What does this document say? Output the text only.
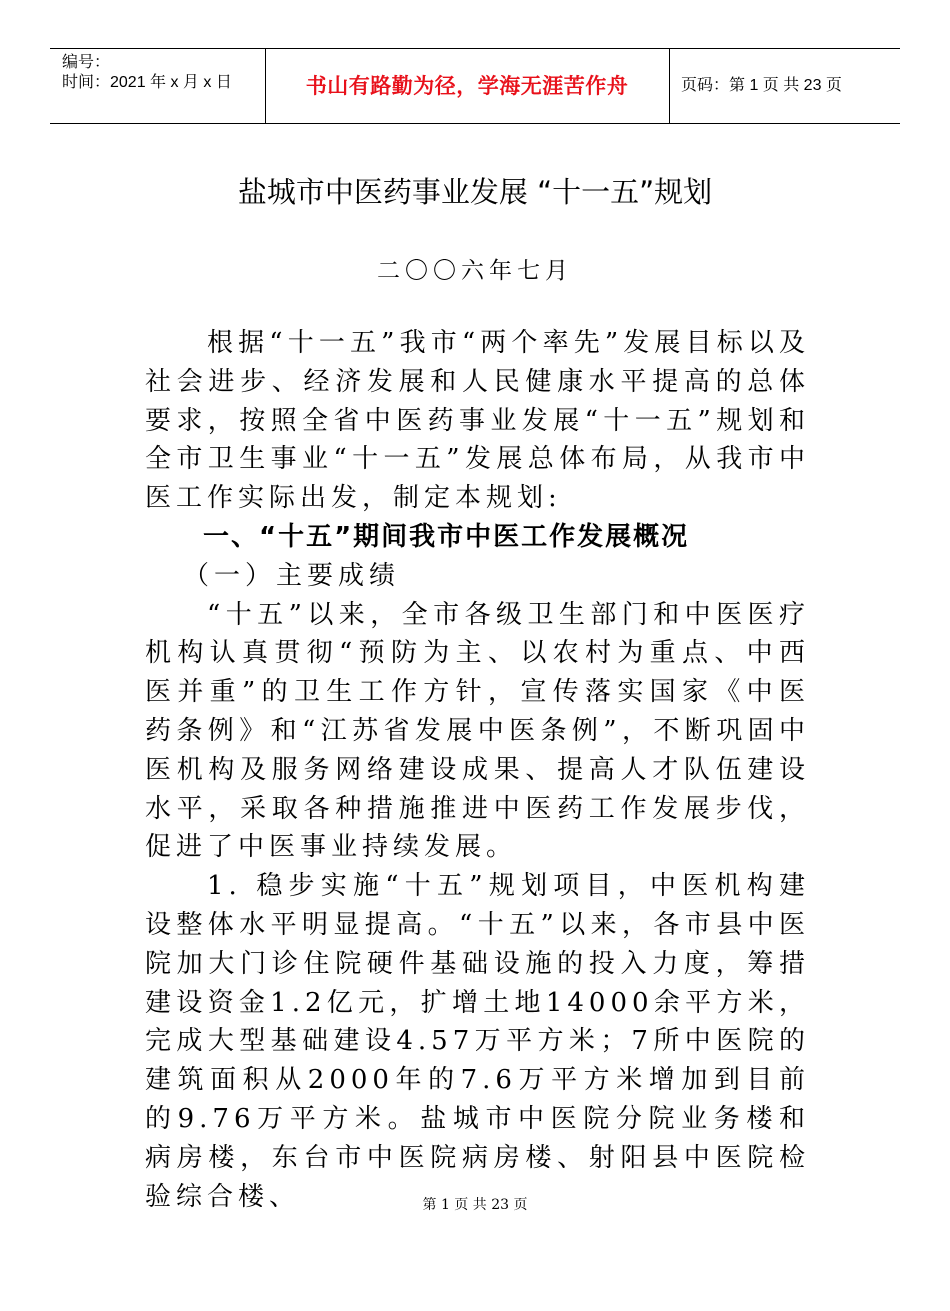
编号：
时间：2021 年 x 月 x 日	书山有路勤为径，学海无涯苦作舟	页码：第 1 页 共 23 页
盐城市中医药事业发展 “十一五”规划
二〇〇六年七月

根据“十一五”我市“两个率先”发展目标以及社会进步、经济发展和人民健康水平提高的总体要求，按照全省中医药事业发展“十一五”规划和全市卫生事业“十一五”发展总体布局，从我市中医工作实际出发，制定本规划:

一、“十五”期间我市中医工作发展概况

（一）主要成绩

“十五”以来，全市各级卫生部门和中医医疗机构认真贯彻“预防为主、以农村为重点、中西医并重”的卫生工作方针，宣传落实国家《中医药条例》和“江苏省发展中医条例”，不断巩固中医机构及服务网络建设成果、提高人才队伍建设水平，采取各种措施推进中医药工作发展步伐，促进了中医事业持续发展。

1. 稳步实施“十五”规划项目，中医机构建设整体水平明显提高。“十五”以来，各市县中医院加大门诊住院硬件基础设施的投入力度，筹措建设资金1.2亿元，扩增土地14000余平方米，完成大型基础建设4.57万平方米；7所中医院的建筑面积从2000年的7.6万平方米增加到目前的9.76万平方米。盐城市中医院分院业务楼和病房楼，东台市中医院病房楼、射阳县中医院检验综合楼、	第 1 页 共 23 页
